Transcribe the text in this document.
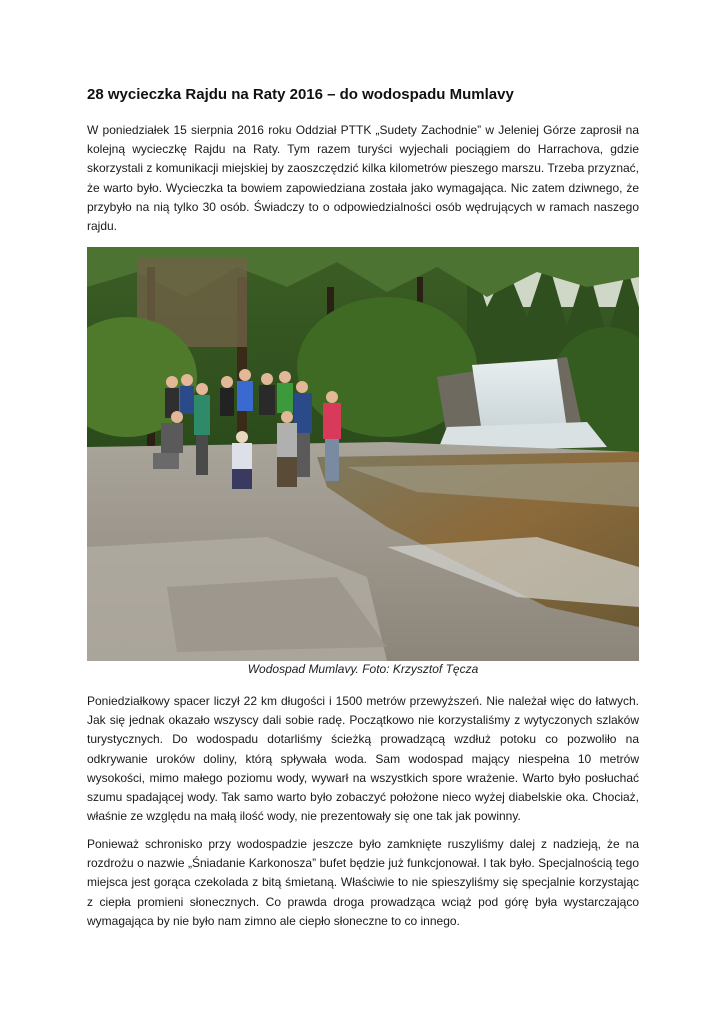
28 wycieczka Rajdu na Raty 2016 – do wodospadu Mumlavy

W poniedziałek 15 sierpnia 2016 roku Oddział PTTK „Sudety Zachodnie” w Jeleniej Górze zaprosił na kolejną wycieczkę Rajdu na Raty. Tym razem turyści wyjechali pociągiem do Harrachova, gdzie skorzystali z komunikacji miejskiej by zaoszczędzić kilka kilometrów pieszego marszu. Trzeba przyznać, że warto było. Wycieczka ta bowiem zapowiedziana została jako wymagająca. Nic zatem dziwnego, że przybyło na nią tylko 30 osób. Świadczy to o odpowiedzialności osób wędrujących w ramach naszego rajdu.

Wodospad Mumlavy. Foto: Krzysztof Tęcza

Poniedziałkowy spacer liczył 22 km długości i 1500 metrów przewyższeń. Nie należał więc do łatwych. Jak się jednak okazało wszyscy dali sobie radę. Początkowo nie korzystaliśmy z wytyczonych szlaków turystycznych. Do wodospadu dotarliśmy ścieżką prowadzącą wzdłuż potoku co pozwoliło na odkrywanie uroków doliny, którą spływała woda. Sam wodospad mający niespełna 10 metrów wysokości, mimo małego poziomu wody, wywarł na wszystkich spore wrażenie. Warto było posłuchać szumu spadającej wody. Tak samo warto było zobaczyć położone nieco wyżej diabelskie oka. Chociaż, właśnie ze względu na małą ilość wody, nie prezentowały się one tak jak powinny.

Ponieważ schronisko przy wodospadzie jeszcze było zamknięte ruszyliśmy dalej z nadzieją, że na rozdrożu o nazwie „Śniadanie Karkonosza” bufet będzie już funkcjonował. I tak było. Specjalnością tego miejsca jest gorąca czekolada z bitą śmietaną. Właściwie to nie spieszyliśmy się specjalnie korzystając z ciepła promieni słonecznych. Co prawda droga prowadząca wciąż pod górę była wystarczająco wymagająca by nie było nam zimno ale ciepło słoneczne to co innego.
